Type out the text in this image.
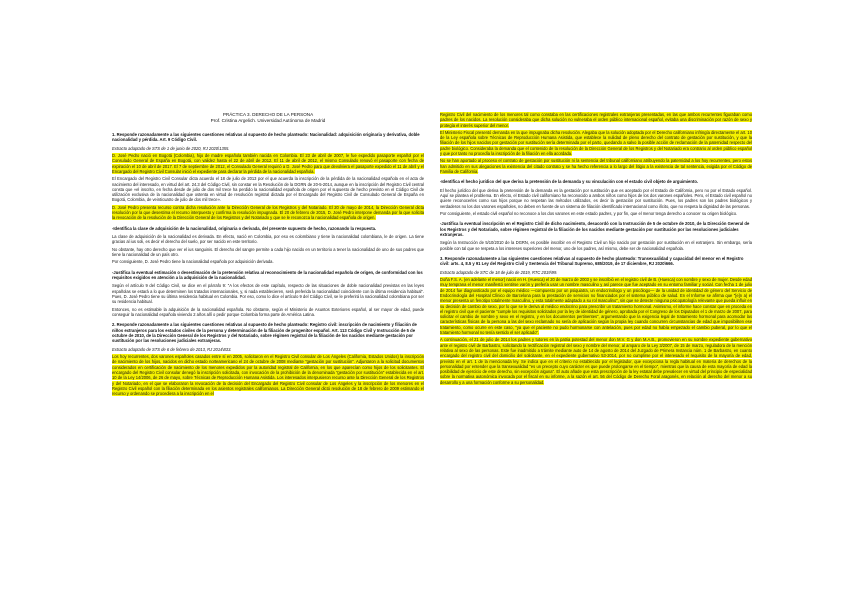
PRÁCTICA 3. DERECHO DE LA PERSONA
Prof. Cristina Argelich. Universidad Autónoma de Madrid
1. Responde razonadamente a las siguientes cuestiones relativas al supuesto de hecho planteado: Nacionalidad: adquisición originaria y derivativa, doble nacionalidad y pérdida. Art. 9 Código Civil.

Extracto adaptado de STS de 1 de junio de 2020, RJ 2020\1355.

D. José Pedro nació en Bogotá (Colombia), hijo de madre española también nacida en Colombia. El 23 de abril de 2007, le fue expedido pasaporte español por el Consulado General de España en Bogotá, con validez hasta el 22 de abril de 2012. El 11 de abril de 2012, el mismo Consulado renovó el pasaporte con fecha de expiración el 10 de abril de 2017. El 7 de septiembre de 2012, el Consulado General requirió a D. José Pedro para que devolviera el pasaporte expedido el 11 de abril y el Encargado del Registro Civil Consular inició el expediente para declarar la pérdida de la nacionalidad española.

El Encargado del Registro Civil Consular dicta acuerdo el 18 de julio de 2013 por el que acuerda la inscripción de la pérdida de la nacionalidad española en el acta de nacimiento del interesado, en virtud del art. 24.3 del Código Civil, sin constar en la Resolución de la DGRN de 20-5-2014, aunque en la inscripción del Registro Civil central consta que «el inscrito, en fecha desde de julio de dos mil trece ha perdido la nacionalidad española de origen por el supuesto de hecho previsto en el Código Civil de utilización exclusiva de la nacionalidad que ostenta en virtud de resolución registral dictada por el Encargado del Registro Civil de Consulado General de España en Bogotá, Colombia, de veinticuatro de julio de dos mil trece».

D. José Pedro presenta recurso contra dicha resolución ante la Dirección General de los Registros y del Notariado. El 20 de mayo de 2014, la Dirección General dicta resolución por la que desestima el recurso interpuesto y confirma la resolución impugnada. El 20 de febrero de 2015, D. José Pedro interpone demanda por la que solicita la revocación de la resolución de la Dirección General de los Registros y del Notariado y que se le reconozca la nacionalidad española de origen.

-Identifica la clase de adquisición de la nacionalidad, originaria o derivada, del presente supuesto de hecho, razonando la respuesta.

La clase de adquisición de la nacionalidad es derivada. En efecto, nació en Colombia, por eso es colombiano y tiene la nacionalidad colombiana, le de origen. La tiene gracias al ius soli, es decir el derecho del suelo, por ser nacido en este territorio.

No obstante, hay otro derecho que ver el ius sanguinis. El derecho del sangre permite a cada hijo nacido en un territorio a tener la nacionalidad de uno de sus padres que tiene la nacionalidad de un país otro.

Por consiguiente, D. José Pedro tiene la nacionalidad española por adquisición derivada.

-Justifica la eventual estimación o desestimación de la pretensión relativa al reconocimiento de la nacionalidad española de origen, de conformidad con los requisitos exigidos en atención a la adquisición de la nacionalidad.

Según el artículo 9 del Código Civil, se dice en el párrafo 9: "A los efectos de este capítulo, respecto de las situaciones de doble nacionalidad previstas en las leyes españolas se estará a lo que determinen los tratados internacionales, y, si nada establecieren, será preferida la nacionalidad coincidente con la última residencia habitual". Pues, D. José Pedro tiene su última residencia habitual en Colombia. Por eso, como lo dice el artículo 9 del Código Civil, se le preferirá la nacionalidad colombiana por ser su residencia habitual.

Entonces, no es estimable la adquisición de la nacionalidad española. No obstante, según el Ministerio de Asuntos Exteriores español, al ser mayor de edad, puede conseguir la nacionalidad española viviendo 2 años allí o pedir porque Colombia forma parte de América Latina.

2. Responde razonadamente a las siguientes cuestiones relativas al supuesto de hecho planteado: Registro civil: inscripción de nacimiento y filiación de niños extranjeros para los estados civiles de la persona y determinación de la filiación de progenitor español. Art. 113 Código Civil y Instrucción de 5 de octubre de 2010, de la Dirección General de los Registros y del Notariado, sobre régimen registral de la filiación de los nacidos mediante gestación por sustitución por las resoluciones judiciales extranjeras.

Extracto adaptado de STS de 6 de febrero de 2013, RJ 2014\833.

Los hoy recurrentes, dos varones españoles casados entre sí en 2005, solicitaron en el Registro Civil consular de Los Ángeles (California, Estados Unidos) la inscripción de nacimiento de los hijos, nacidos en dicho estado norteamericano el 24 de octubre de 2008 mediante "gestación por sustitución". Adjuntaron a la solicitud documentos considerados en certificación de nacimiento de los menores expedidos por la autoridad registral de California, en los que aparecían como hijos de los solicitantes. El encargado del Registro Civil consular denegó la inscripción solicitada, con invocación de la prohibición de la denominada "gestación por sustitución" establecida en el art. 10 de la Ley 14/2006, de 26 de mayo, sobre Técnicas de Reproducción Humana Asistida. Los interesados interpusieron recurso ante la Dirección General de los Registros y del Notariado, en el que se elaboraron la revocación de la decisión del Encargado del Registro Civil consular de Los Ángeles y la inscripción de los menores en el Registro Civil español con la filiación determinada en los asientos registrales californianos. La Dirección General dictó resolución de 18 de febrero de 2009 estimando el recurso y ordenando se procediera a la inscripción en el

Registro Civil del nacimiento de los menores tal como constaba en las certificaciones registrales extranjeras presentadas, en las que ambos recurrentes figuraban como padres de los nacidos. La resolución consideraba que dicha solución no vulneraba el orden público internacional español, evitaba una discriminación por razón de sexo y protegía el interés superior del menor.

El Ministerio Fiscal presentó demanda en la que impugnaba dicha resolución. Alegaba que la solución adoptada por el Derecho californiano infringía directamente el art. 10 de la Ley española sobre Técnicas de Reproducción Humana Asistida, que establece la nulidad de pleno derecho del contrato de gestación por sustitución, y que la filiación de los hijos nacidos por gestación por sustitución sería determinada por el parto, quedando a salvo la posible acción de reclamación de la paternidad respecto del padre biológico. Consideraba la demanda que el contenido de la resolución de la Dirección General de los Registros y del Notariado era contrario al orden público español y que por tanto no procedía la inscripción de la filiación en ella acordada.

No se han aportado al proceso el contrato de gestación por sustitución ni la sentencia del tribunal californiano atribuyendo la paternidad a los hoy recurrentes, pero estos han admitido en sus alegaciones la existencia del citado contrato y se ha hecho referencia a lo largo del litigio a la existencia de tal sentencia, exigida por el Código de Familia de California.

-Identifica el hecho jurídico del que deriva la pretensión de la demanda y su vinculación con el estado civil objeto de arguimiento.

El hecho jurídico del que deriva la pretensión de la demanda es la gestación por sustitución que es aceptado por el Estado de California, pero no por el Estado español. Aquí se plantea el problema. En efecto, el Estado civil californiano ha reconocido a ambos niños como hijos de los dos varones españoles. Pero, el Estado civil español no quiere reconocerles como sus hijos porque no respetan las métodos utilizados, es decir la gestación por sustitución. Pues, los padres son los padres biológicos y verdaderos no los dos varones españoles, no deben en fuente de un sistema de filiación identificado internacional como ilícito, que no respeta la dignidad de las personas.

Por consiguiente, el estado civil español no reconoce a los dos varones en este estado padres, y por fin, que el menor tenga derecho a conocer su origen biológico.

-Justifica la eventual inscripción en el Registro Civil de dicho nacimiento, desacordó con la Instrucción de 5 de octubre de 2010, de la Dirección General de los Registros y del Notariado, sobre régimen registral de la filiación de los nacidos mediante gestación por sustitución por las resoluciones judiciales extranjeras.

Según la Instrucción de 5/10/2010 de la DGRN, es posible inscribir en el Registro Civil un hijo nacido por gestación por sustitución en el extranjero. Sin embargo, sería posible con tal que se respeta a los intereses superiores del menor, uno de los padres, así mismo, debe ser de nacionalidad española.

3. Responde razonadamente a las siguientes cuestiones relativas al supuesto de hecho planteado: Transexualidad y capacidad del menor en el Registro civil: arts. 4, 8.5 y 91 Ley del Registro Civil y Sentencia del Tribunal Supremo, 685/2019, de 17 diciembre, RJ 2020\666.

Extracto adaptado de STC de 18 de julio de 2019, RTC 2019\99.

Doña F.S. A. (en adelante el menor) nació en H. (Huesca) el 20 de marzo de 2003 y se inscribió en el registro civil de B. (Huesca) con nombre y sexo de mujer. Desde edad muy temprana el menor manifestó sentirse varón y prefería usar un nombre masculino y así parece que fue aceptado en su entorno familiar y social. Con fecha 1 de julio de 2014 fue diagnosticado por el equipo médico —compuesto por un psiquiatra, un endocrinólogo y un psicólogo— de la unidad de identidad de género del Servicio de Endocrinología del Hospital Clínico de Barcelona para la prestación de servicios no financiados por el sistema público de salud. En el Informe se afirma que "[e]n a) el menor presenta un fenotipo totalmente masculino, y esta totalmente adaptado a su rol masculino", sin que se detecte ninguna psicopatología relevante que pueda influir en su decisión de cambio de sexo, por lo que se le deriva al médico endocrino para prescribir un tratamiento hormonal. Asimismo, el informe hace constar que en proceda en el registro civil que el paciente "cumple los requisitos solicitados por la ley de identidad de género, aprobada por el Congreso de los Diputados el 1 de marzo de 2007, para solicitar el cambio de nombre y sexo en el registro, y en los documentos pertinentes", argumentando que la exigencia legal de tratamiento hormonal para acomodar las características físicas de la persona a las del sexo reclamado no sería de aplicación según la propia ley cuando concurren circunstancias de edad que imposibiliten ese tratamiento, como ocurre en este caso, "ya que el paciente no pudo hormonarse con antelación, pues por edad no había empezado el cambio puberal, por lo que el tratamiento hormonal no tenía sentido el ser aplicado".

A continuación, el 21 de julio de 2014 los padres y tutores en la patria potestad del menor don M.V. G y don M.A.B., promovieron en su nombre expediente gubernativo ante el registro civil de Barbastro, solicitando la rectificación registral del sexo y nombre del menor, al amparo de la Ley 3/2007, de 15 de marzo, reguladora de la mención relativa al sexo de las personas. Este fue inadmitido a trámite mediante auto de 14 de agosto de 2014 del Juzgado de Primera Instancia núm. 1 de Barbastro, en cuanto encargado del registro civil del domicilio del solicitante, en el expediente gubernativo 53-2014, por no cumplirse por el interesado el requisito de la mayoría de edad, previsto en el art. 1 de la mencionada ley. Se indica que en el criterio no establecido por el legislador, que excepciona la regla habitual en materia de derechos de la personalidad por entender que la transexualidad "es un precepto cuyo carácter es que puede prolongarse en el tiempo", mientras que la causa de esta mayoría de edad la posibilidad de ejercicio de este derecho, sin excepción alguna". El auto añade que esta prescripción de la ley estatal debe prevalecer en virtud del principio de especialidad sobre la normativa autonómica invocada por el fiscal en su informe, a la sazón el art. 56 del Código de Derecho Foral aragonés, en relación al derecho del menor a su desarrollo y a una formación conforme a su personalidad.
